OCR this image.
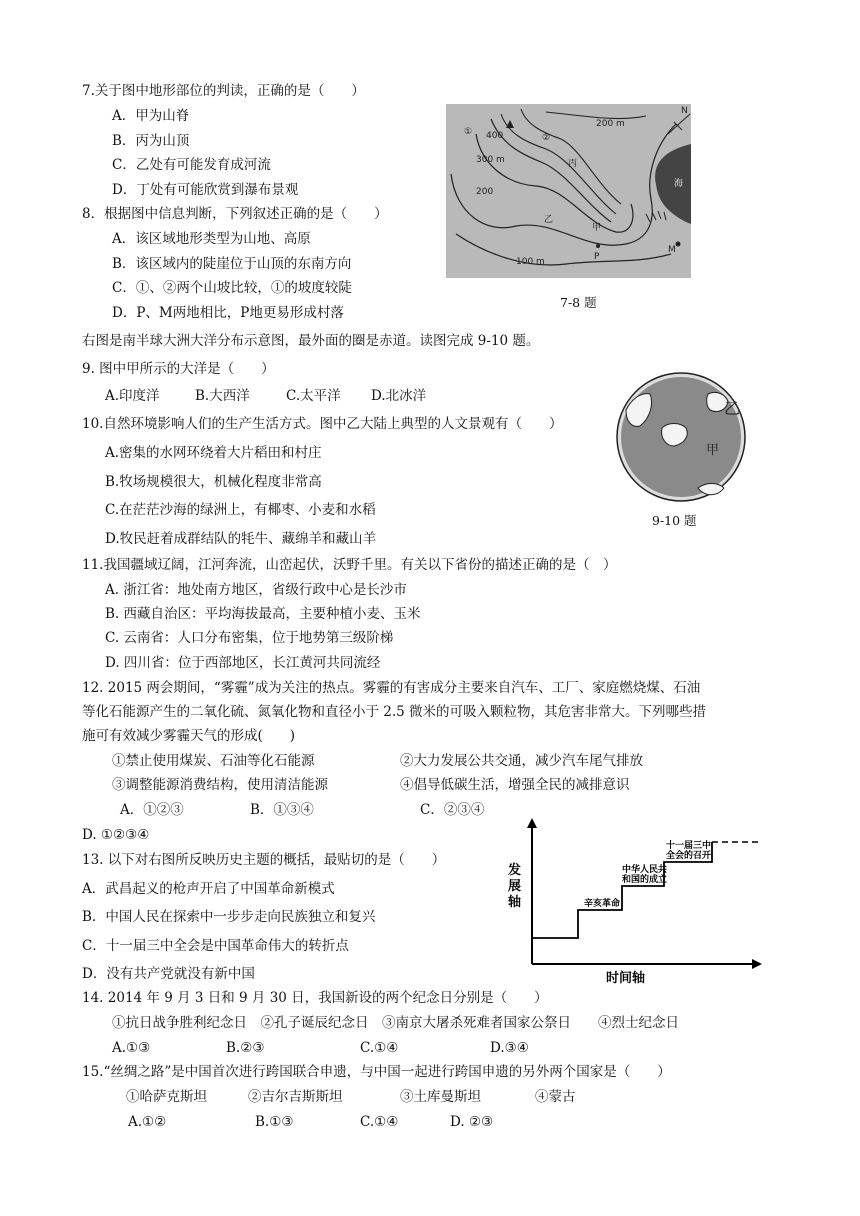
7.关于图中地形部位的判读，正确的是（　　）
A．甲为山脊
B．丙为山顶
C．乙处有可能发育成河流
D．丁处有可能欣赏到瀑布景观
8．根据图中信息判断，下列叙述正确的是（　　）
A．该区域地形类型为山地、高原
B．该区域内的陡崖位于山顶的东南方向
C．①、②两个山坡比较，①的坡度较陡
D．P、M两地相比，P地更易形成村落
N
200 m
400
300 m
200
100 m
①
②
丙
乙
甲
P
M
海
7-8 题
右图是南半球大洲大洋分布示意图，最外面的圈是赤道。读图完成 9-10 题。
9. 图中甲所示的大洋是（　　）
A.印度洋	B.大西洋	C.太平洋 D.北冰洋
10.自然环境影响人们的生产生活方式。图中乙大陆上典型的人文景观有（　　）
A.密集的水网环绕着大片稻田和村庄
B.牧场规模很大，机械化程度非常高
C.在茫茫沙海的绿洲上，有椰枣、小麦和水稻
D.牧民赶着成群结队的牦牛、藏绵羊和藏山羊
乙
甲
9-10 题
11.我国疆域辽阔，江河奔流，山峦起伏，沃野千里。有关以下省份的描述正确的是（　）
A. 浙江省：地处南方地区，省级行政中心是长沙市
B. 西藏自治区：平均海拔最高，主要种植小麦、玉米
C. 云南省：人口分布密集，位于地势第三级阶梯
D. 四川省：位于西部地区，长江黄河共同流经
12. 2015 两会期间，“雾霾”成为关注的热点。雾霾的有害成分主要来自汽车、工厂、家庭燃烧煤、石油
等化石能源产生的二氧化硫、氮氧化物和直径小于 2.5 微米的可吸入颗粒物，其危害非常大。下列哪些措
施可有效减少雾霾天气的形成(　　)
①禁止使用煤炭、石油等化石能源	②大力发展公共交通，减少汽车尾气排放
③调整能源消费结构，使用清洁能源	④倡导低碳生活，增强全民的减排意识
A．①②③	B．①③④	C．②③④
D. ①②③④
13. 以下对右图所反映历史主题的概括，最贴切的是（　　）
A．武昌起义的枪声开启了中国革命新模式
B．中国人民在探索中一步步走向民族独立和复兴
C．十一届三中全会是中国革命伟大的转折点
D．没有共产党就没有新中国
发
展
轴
时间轴
辛亥革命
中华人民共
和国的成立
十一届三中
全会的召开
14. 2014 年 9 月 3 日和 9 月 30 日，我国新设的两个纪念日分别是（　　）
①抗日战争胜利纪念日　②孔子诞辰纪念日　③南京大屠杀死难者国家公祭日　　④烈士纪念日
A.①③	B.②③	C.①④	D.③④
15.“丝绸之路”是中国首次进行跨国联合申遗，与中国一起进行跨国申遗的另外两个国家是（　　）
①哈萨克斯坦	②吉尔吉斯斯坦	③土库曼斯坦	④蒙古
A.①②	B.①③	C.①④	D. ②③
